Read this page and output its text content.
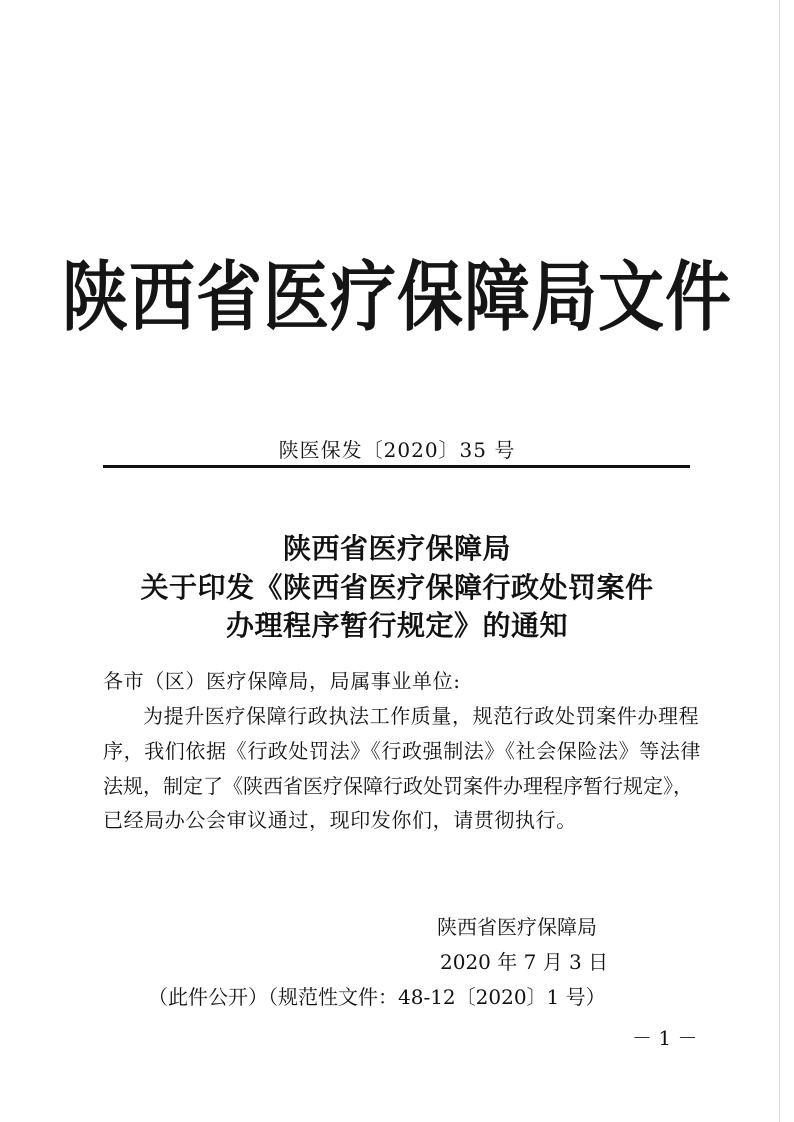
陕西省医疗保障局文件
陕医保发〔2020〕35 号
陕西省医疗保障局
关于印发《陕西省医疗保障行政处罚案件
办理程序暂行规定》的通知
各市（区）医疗保障局，局属事业单位:
为提升医疗保障行政执法工作质量，规范行政处罚案件办理程
序，我们依据《行政处罚法》《行政强制法》《社会保险法》等法律
法规，制定了《陕西省医疗保障行政处罚案件办理程序暂行规定》，
已经局办公会审议通过，现印发你们，请贯彻执行。
陕西省医疗保障局
2020 年 7 月 3 日
（此件公开）（规范性文件：48-12〔2020〕1 号）
－ 1 －
